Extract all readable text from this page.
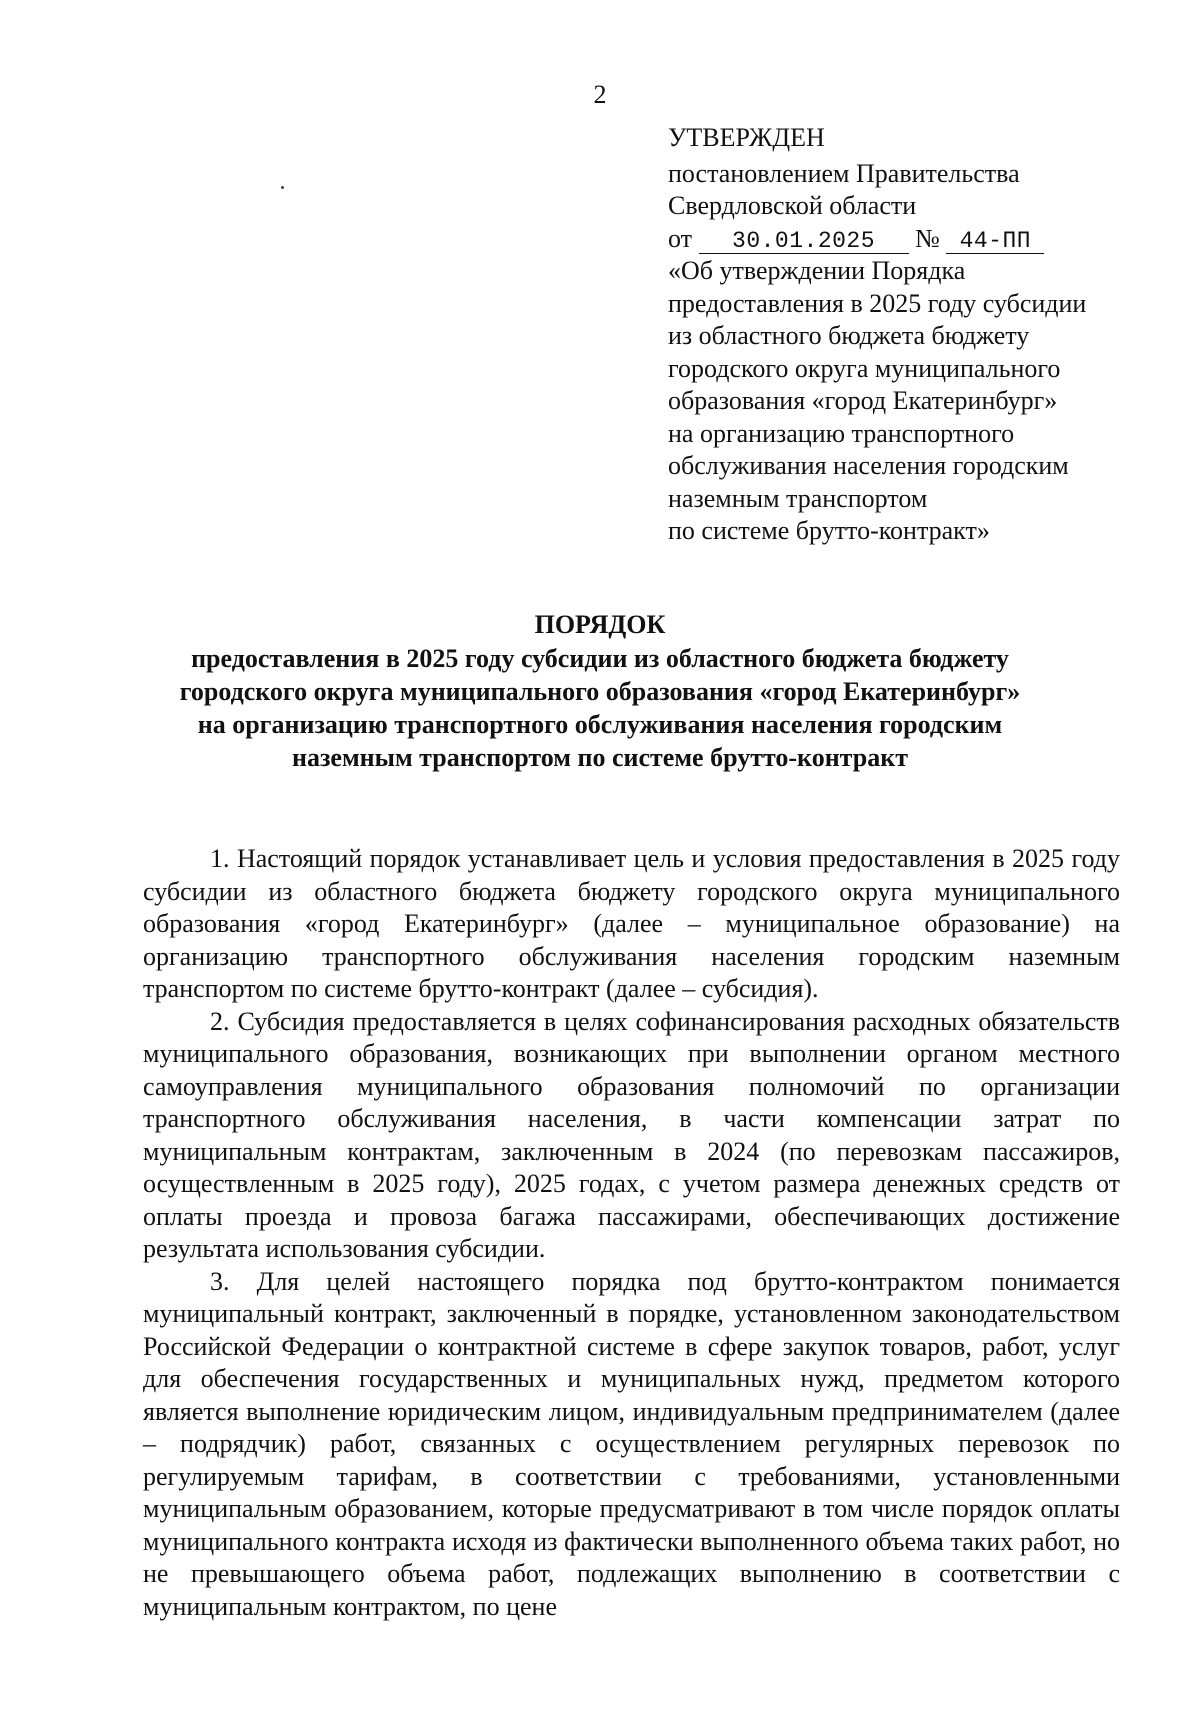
2
УТВЕРЖДЕН
постановлением Правительства
Свердловской области
от 30.01.2025 № 44-ПП
«Об утверждении Порядка
предоставления в 2025 году субсидии
из областного бюджета бюджету
городского округа муниципального
образования «город Екатеринбург»
на организацию транспортного
обслуживания населения городским
наземным транспортом
по системе брутто-контракт»
ПОРЯДОК
предоставления в 2025 году субсидии из областного бюджета бюджету
городского округа муниципального образования «город Екатеринбург»
на организацию транспортного обслуживания населения городским
наземным транспортом по системе брутто-контракт

1. Настоящий порядок устанавливает цель и условия предоставления в 2025 году субсидии из областного бюджета бюджету городского округа муниципального образования «город Екатеринбург» (далее – муниципальное образование) на организацию транспортного обслуживания населения городским наземным транспортом по системе брутто-контракт (далее – субсидия).

2. Субсидия предоставляется в целях софинансирования расходных обязательств муниципального образования, возникающих при выполнении органом местного самоуправления муниципального образования полномочий по организации транспортного обслуживания населения, в части компенсации затрат по муниципальным контрактам, заключенным в 2024 (по перевозкам пассажиров, осуществленным в 2025 году), 2025 годах, с учетом размера денежных средств от оплаты проезда и провоза багажа пассажирами, обеспечивающих достижение результата использования субсидии.

3. Для целей настоящего порядка под брутто-контрактом понимается муниципальный контракт, заключенный в порядке, установленном законодательством Российской Федерации о контрактной системе в сфере закупок товаров, работ, услуг для обеспечения государственных и муниципальных нужд, предметом которого является выполнение юридическим лицом, индивидуальным предпринимателем (далее – подрядчик) работ, связанных с осуществлением регулярных перевозок по регулируемым тарифам, в соответствии с требованиями, установленными муниципальным образованием, которые предусматривают в том числе порядок оплаты муниципального контракта исходя из фактически выполненного объема таких работ, но не превышающего объема работ, подлежащих выполнению в соответствии с муниципальным контрактом, по цене
